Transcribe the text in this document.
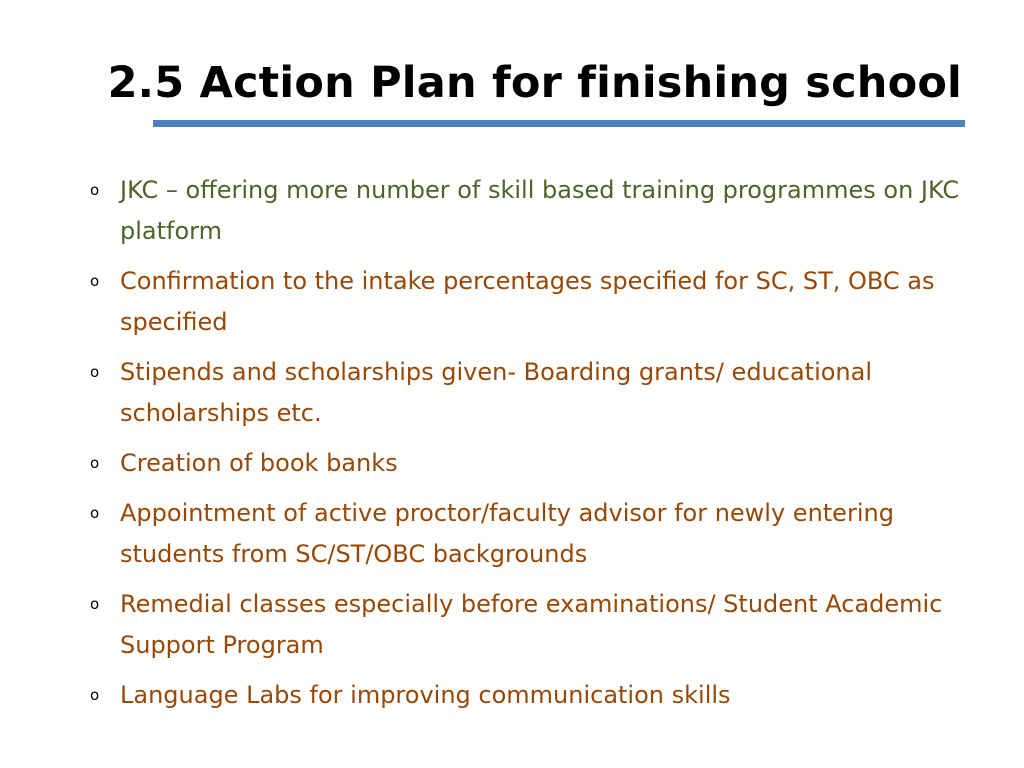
2.5 Action Plan for finishing school
o JKC – offering more number of skill based training programmes on JKC platform
o Confirmation to the intake percentages specified for SC, ST, OBC as specified
o Stipends and scholarships given- Boarding grants/ educational scholarships etc.
o Creation of book banks
o Appointment of active proctor/faculty advisor for newly entering students from SC/ST/OBC backgrounds
o Remedial classes especially before examinations/ Student Academic Support Program
o Language Labs for improving communication skills
